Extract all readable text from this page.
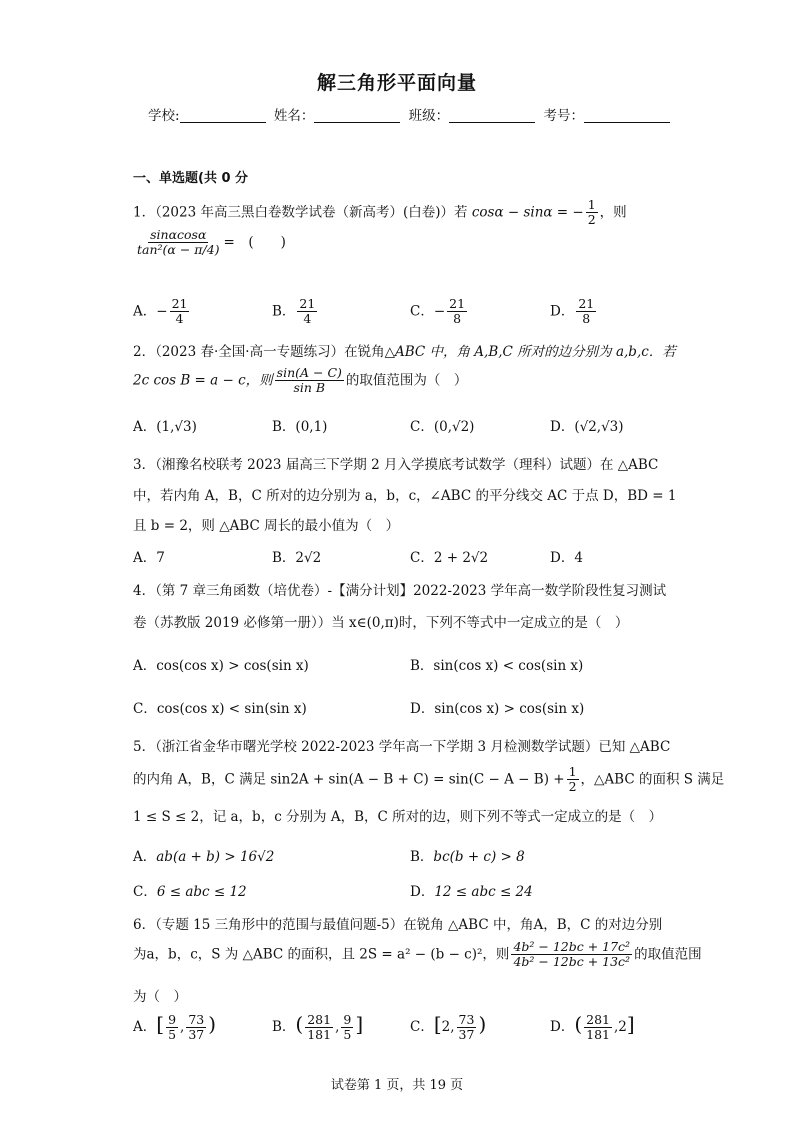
解三角形平面向量
学校:	姓名：	班级：	考号：
一、单选题(共 0 分
1．（2023 年高三黑白卷数学试卷（新高考）(白卷)）若 cosα − sinα = − $\frac{1}{2}$ ，则
$\frac{\sin\alpha\cos\alpha}{\text{tan²(α − π/4)}}$ =　(　　)
A．− $\frac{21}{4}$	B． $\frac{21}{4}$	C．− $\frac{21}{8}$	D． $\frac{21}{8}$
2．（2023 春·全国·高一专题练习）在锐角△ABC 中，角 A,B,C 所对的边分别为 a,b,c．若
2c cos B = a − c，则 $\frac{\sin(A - C)}{\text{sin B}}$ 的取值范围为（　）
A．(1,√3)	B．(0,1)	C．(0,√2)	D．(√2,√3)
3．（湘豫名校联考 2023 届高三下学期 2 月入学摸底考试数学（理科）试题）在 △ABC
中，若内角 A，B，C 所对的边分别为 a，b，c，∠ABC 的平分线交 AC 于点 D，BD = 1
且 b = 2，则 △ABC 周长的最小值为（　）
A．7	B．2√2	C．2 + 2√2	D．4
4．（第 7 章三角函数（培优卷）-【满分计划】2022-2023 学年高一数学阶段性复习测试
卷（苏教版 2019 必修第一册））当 x∈(0,π)时，下列不等式中一定成立的是（　）
A．cos(cos x) > cos(sin x)	B．sin(cos x) < cos(sin x)
C．cos(cos x) < sin(sin x)	D．sin(cos x) > cos(sin x)
5．（浙江省金华市曙光学校 2022-2023 学年高一下学期 3 月检测数学试题）已知 △ABC
的内角 A，B，C 满足 $\sin 2A + \sin(A - B + C) = \sin(C - A - B) + \frac{1}{2}$ ，△ABC 的面积 S 满足
1 ≤ S ≤ 2，记 a，b，c 分别为 A，B，C 所对的边，则下列不等式一定成立的是（　）
A．ab(a + b) > 16√2	B．bc(b + c) > 8
C．6 ≤ abc ≤ 12	D．12 ≤ abc ≤ 24
6．（专题 15 三角形中的范围与最值问题-5）在锐角 △ABC 中，角A，B，C 的对边分别
为a，b，c，S 为 △ABC 的面积，且 2S = a² − (b − c)²，则 $\frac{\text{4b² − 12bc + 17c²}}{\text{4b² − 12bc + 13c²}}$ 的取值范围
为（　）
A．[ $\frac{9}{5}$ , $\frac{73}{37}$ )	B．( $\frac{281}{181}$ , $\frac{9}{5}$ ]	C．[2, $\frac{73}{37}$ )	D．( $\frac{281}{181} ,2$]
试卷第 1 页，共 19 页
